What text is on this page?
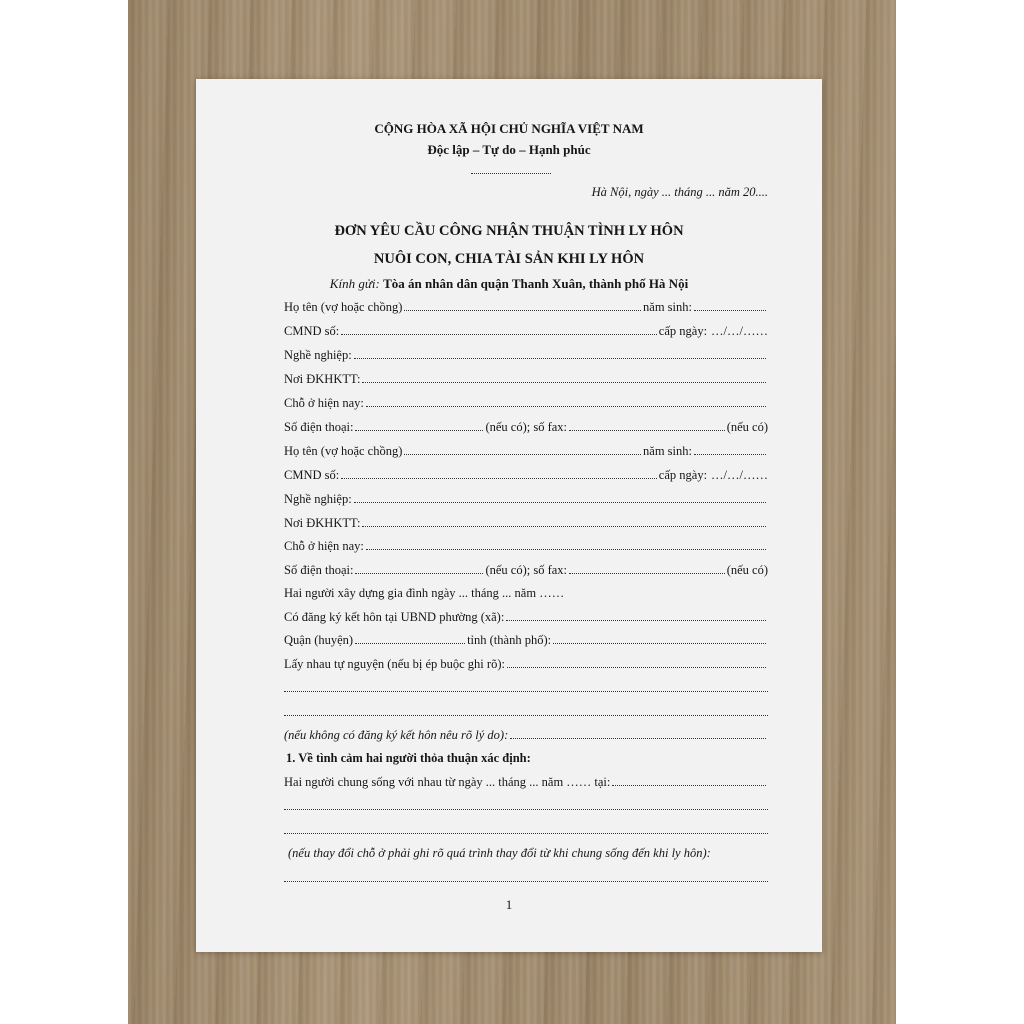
CỘNG HÒA XÃ HỘI CHỦ NGHĨA VIỆT NAM
Độc lập – Tự do – Hạnh phúc
Hà Nội, ngày ... tháng ... năm 20....
ĐƠN YÊU CẦU CÔNG NHẬN THUẬN TÌNH LY HÔN
NUÔI CON, CHIA TÀI SẢN KHI LY HÔN
Kính gửi: Tòa án nhân dân quận Thanh Xuân, thành phố Hà Nội
Họ tên (vợ hoặc chồng)	năm sinh:
CMND số:	cấp ngày: …/…/……
Nghề nghiệp:
Nơi ĐKHKTT:
Chỗ ở hiện nay:
Số điện thoại:	(nếu có); số fax:	(nếu có)
Họ tên (vợ hoặc chồng)	năm sinh:
CMND số:	cấp ngày: …/…/……
Nghề nghiệp:
Nơi ĐKHKTT:
Chỗ ở hiện nay:
Số điện thoại:	(nếu có); số fax:	(nếu có)
Hai người xây dựng gia đình ngày ... tháng ... năm ……
Có đăng ký kết hôn tại UBND phường (xã):
Quận (huyện)	tỉnh (thành phố):
Lấy nhau tự nguyện (nếu bị ép buộc ghi rõ):
(nếu không có đăng ký kết hôn nêu rõ lý do):
1. Về tình cảm hai người thỏa thuận xác định:
Hai người chung sống với nhau từ ngày ... tháng ... năm …… tại:
(nếu thay đổi chỗ ở phải ghi rõ quá trình thay đổi từ khi chung sống đến khi ly hôn):
1
